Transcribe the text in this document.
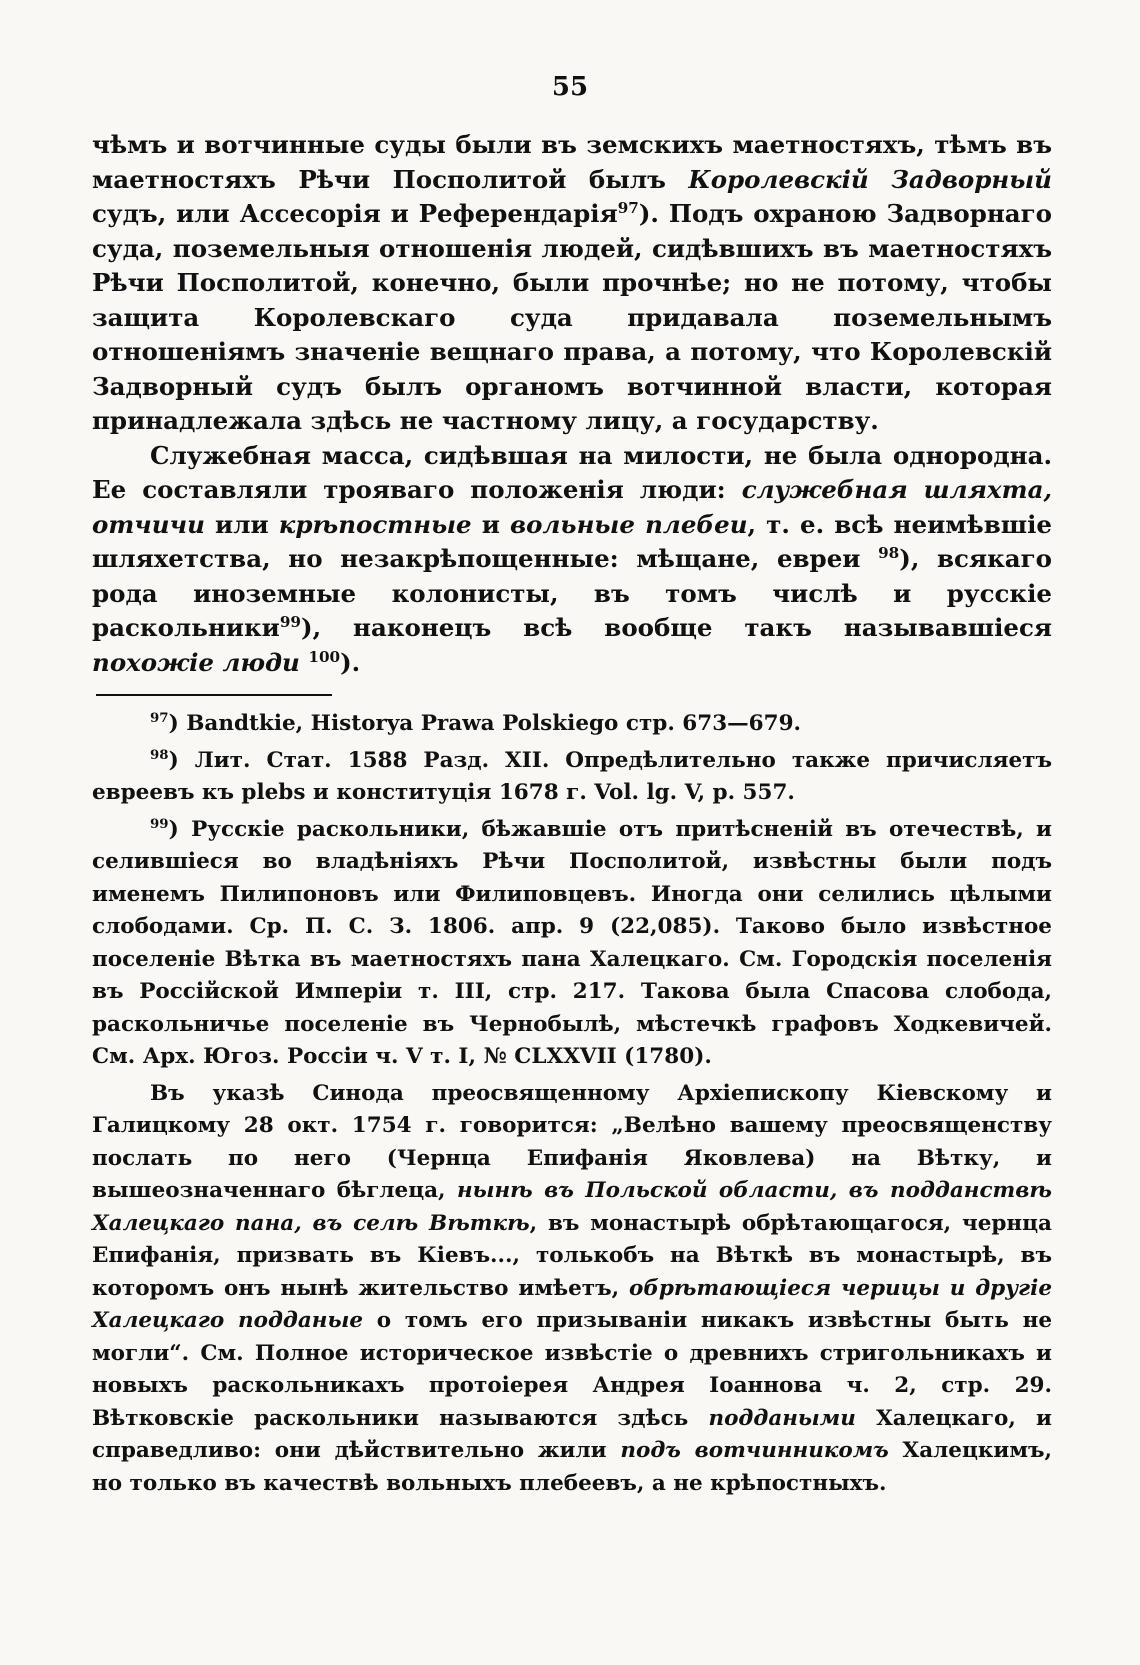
55

чѣмъ и вотчинные суды были въ земскихъ маетностяхъ, тѣмъ въ маетностяхъ Рѣчи Посполитой былъ Королевскій Задворный судъ, или Ассесорія и Референдарія$^{97}$). Подъ охраною Задворнаго суда, поземельныя отношенія людей, сидѣвшихъ въ маетностяхъ Рѣчи Посполитой, конечно, были прочнѣе; но не потому, чтобы защита Королевскаго суда придавала поземельнымъ отношеніямъ значеніе вещнаго права, а потому, что Королевскій Задворный судъ былъ органомъ вотчинной власти, которая принадлежала здѣсь не частному лицу, а государству.

Служебная масса, сидѣвшая на милости, не была однородна. Ее составляли трояваго положенія люди: служебная шляхта, отчичи или крѣпостные и вольные плебеи, т. е. всѣ неимѣвшіе шляхетства, но незакрѣпощенные: мѣщане, евреи $^{98}$), всякаго рода иноземные колонисты, въ томъ числѣ и русскіе раскольники$^{99}$), наконецъ всѣ вообще такъ называвшіеся похожіе люди $^{100}$).

$^{97}$) Bandtkie, Historya Prawa Polskiego стр. 673—679.

$^{98}$) Лит. Стат. 1588 Разд. XII. Опредѣлительно также причисляетъ евреевъ къ plebs и конституція 1678 г. Vol. lg. V, p. 557.

$^{99}$) Русскіе раскольники, бѣжавшіе отъ притѣсненій въ отечествѣ, и селившіеся во владѣніяхъ Рѣчи Посполитой, извѣстны были подъ именемъ Пилипоновъ или Филиповцевъ. Иногда они селились цѣлыми слободами. Ср. П. С. З. 1806. апр. 9 (22,085). Таково было извѣстное поселеніе Вѣтка въ маетностяхъ пана Халецкаго. См. Городскія поселенія въ Россійской Имперіи т. III, стр. 217. Такова была Спасова слобода, раскольничье поселеніе въ Чернобылѣ, мѣстечкѣ графовъ Ходкевичей. См. Арх. Югоз. Россіи ч. V т. I, № CLXXVII (1780).

Въ указѣ Синода преосвященному Архіепископу Кіевскому и Галицкому 28 окт. 1754 г. говорится: „Велѣно вашему преосвященству послать по него (Чернца Епифанія Яковлева) на Вѣтку, и вышеозначеннаго бѣглеца, нынѣ въ Польской области, въ подданствѣ Халецкаго пана, въ селѣ Вѣткѣ, въ монастырѣ обрѣтающагося, чернца Епифанія, призвать въ Кіевъ..., толькобъ на Вѣткѣ въ монастырѣ, въ которомъ онъ нынѣ жительство имѣетъ, обрѣтающіеся черицы и другіе Халецкаго подданые о томъ его призываніи никакъ извѣстны быть не могли“. См. Полное историческое извѣстіе о древнихъ стригольникахъ и новыхъ раскольникахъ протоіерея Андрея Іоаннова ч. 2, стр. 29. Вѣтковскіе раскольники называются здѣсь поддаными Халецкаго, и справедливо: они дѣйствительно жили подъ вотчинникомъ Халецкимъ, но только въ качествѣ вольныхъ плебеевъ, а не крѣпостныхъ.
